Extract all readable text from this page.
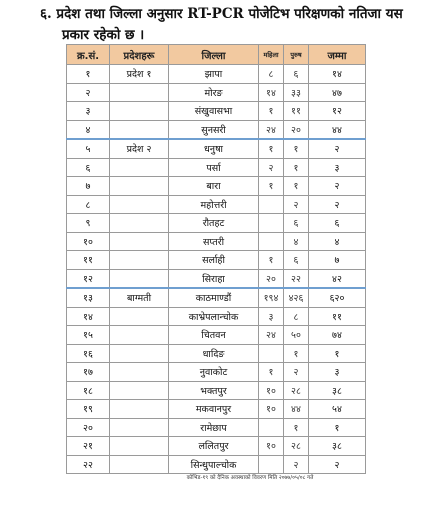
६. प्रदेश तथा जिल्ला अनुसार RT-PCR पोजेटिभ परिक्षणको नतिजा यस
प्रकार रहेको छ ।
क्र.सं.	प्रदेशहरू	जिल्ला	महिला	पुरुष	जम्मा
१	प्रदेश १	झापा	८	६	१४
२		मोरङ	१४	३३	४७
३		संखुवासभा	१	११	१२
४		सुनसरी	२४	२०	४४
५	प्रदेश २	धनुषा	१	१	२
६		पर्सा	२	१	३
७		बारा	१	१	२
८		महोत्तरी		२	२
९		रौतहट		६	६
१०		सप्तरी		४	४
११		सर्लाही	१	६	७
१२		सिराहा	२०	२२	४२
१३	बाग्मती	काठमाण्डौं	१९४	४२६	६२०
१४		काभ्रेपलान्चोक	३	८	११
१५		चितवन	२४	५०	७४
१६		धादिङ		१	१
१७		नुवाकोट	१	२	३
१८		भक्तपुर	१०	२८	३८
१९		मकवानपुर	१०	४४	५४
२०		रामेछाप		१	१
२१		ललितपुर	१०	२८	३८
२२		सिन्धुपाल्चोक		२	२
कोभिड-१९ को दैनिक अवस्थाको विवरण मिति २०७७/०५/०८ गते
